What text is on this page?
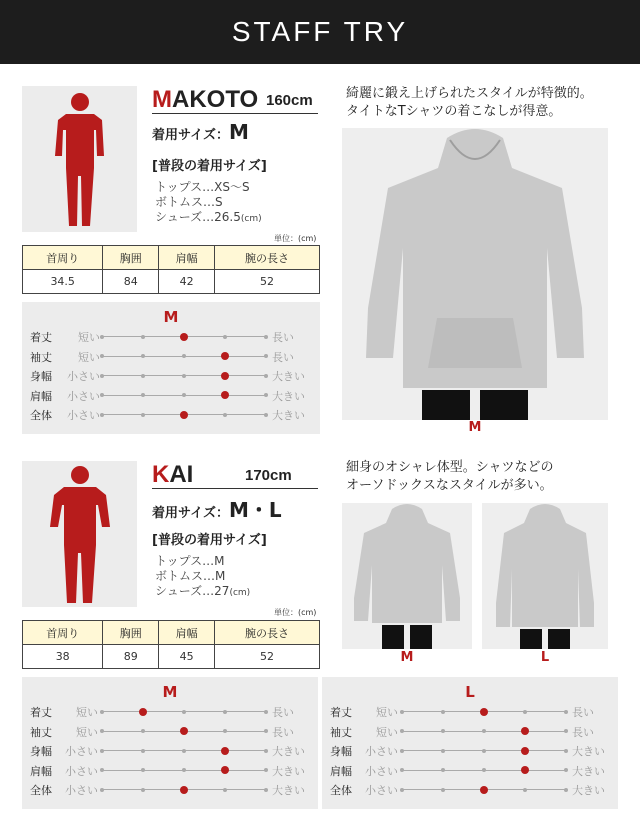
STAFF TRY
MAKOTO 160cm
着用サイズ：M
[普段の着用サイズ]
トップス…XS〜S
ボトムス…S
シューズ…26.5(cm)
単位：(cm)
首周り	胸囲	肩幅	腕の長さ
34.5	84	42	52
M
着丈 短い	長い
袖丈 短い	長い
身幅 小さい	大きい
肩幅 小さい	大きい
全体 小さい	大きい
綺麗に鍛え上げられたスタイルが特徴的。
タイトなTシャツの着こなしが得意。
M
KAI	170cm
着用サイズ：M・L
[普段の着用サイズ]
トップス…M
ボトムス…M
シューズ…27(cm)
単位：(cm)
首周り	胸囲	肩幅	腕の長さ
38	89	45	52
細身のオシャレ体型。シャツなどの
オーソドックスなスタイルが多い。
M	L
M
着丈 短い	長い
袖丈 短い	長い
身幅 小さい	大きい
肩幅 小さい	大きい
全体 小さい	大きい
L
着丈 短い	長い
袖丈 短い	長い
身幅 小さい	大きい
肩幅 小さい	大きい
全体 小さい	大きい
